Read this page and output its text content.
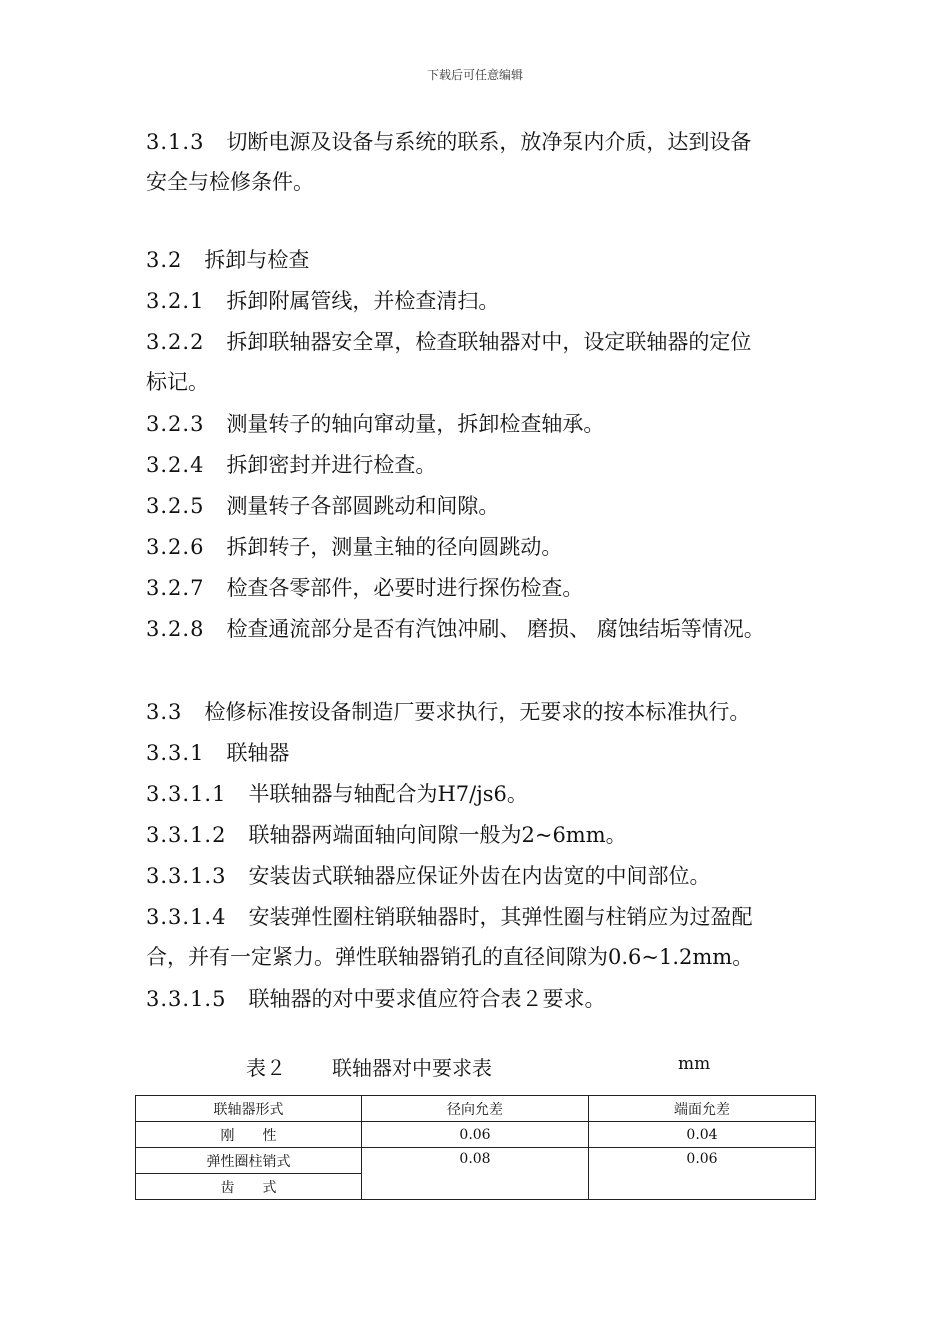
下载后可任意编辑

3.1.3 切断电源及设备与系统的联系，放净泵内介质，达到设备
安全与检修条件。

3.2 拆卸与检查

3.2.1 拆卸附属管线，并检查清扫。

3.2.2 拆卸联轴器安全罩，检查联轴器对中，设定联轴器的定位
标记。

3.2.3 测量转子的轴向窜动量，拆卸检查轴承。

3.2.4 拆卸密封并进行检查。

3.2.5 测量转子各部圆跳动和间隙。

3.2.6 拆卸转子，测量主轴的径向圆跳动。

3.2.7 检查各零部件，必要时进行探伤检查。

3.2.8 检查通流部分是否有汽蚀冲刷、 磨损、 腐蚀结垢等情况。

3.3 检修标准按设备制造厂要求执行，无要求的按本标准执行。

3.3.1 联轴器

3.3.1.1 半联轴器与轴配合为H7/js6。

3.3.1.2 联轴器两端面轴向间隙一般为2~6mm。

3.3.1.3 安装齿式联轴器应保证外齿在内齿宽的中间部位。

3.3.1.4 安装弹性圈柱销联轴器时，其弹性圈与柱销应为过盈配
合，并有一定紧力。弹性联轴器销孔的直径间隙为0.6~1.2mm。

3.3.1.5 联轴器的对中要求值应符合表２要求。

表２ 联轴器对中要求表	mm
联轴器形式	径向允差	端面允差
刚　　性	0.06	0.04
弹性圈柱销式	0.08	0.06
齿　　式		
